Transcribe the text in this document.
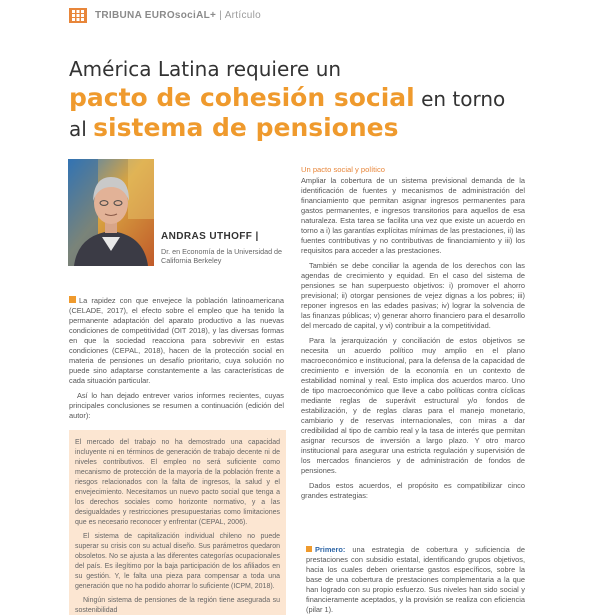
TRIBUNA EUROsociAL+ | Artículo
América Latina requiere un
pacto de cohesión social en torno
al sistema de pensiones
ANDRAS UTHOFF |
Dr. en Economía de la Universidad de California Berkeley

La rapidez con que envejece la población latinoamericana (CELADE, 2017), el efecto sobre el empleo que ha tenido la permanente adaptación del aparato productivo a las nuevas condiciones de competitividad (OIT 2018), y las diversas formas en que la sociedad reacciona para sobrevivir en estas condiciones (CEPAL, 2018), hacen de la protección social en materia de pensiones un desafío prioritario, cuya solución no puede sino adaptarse constantemente a las características de cada situación particular.

Así lo han dejado entrever varios informes recientes, cuyas principales conclusiones se resumen a continuación (edición del autor):

El mercado del trabajo no ha demostrado una capacidad incluyente ni en términos de generación de trabajo decente ni de niveles contributivos. El empleo no será suficiente como mecanismo de protección de la mayoría de la población frente a riesgos relacionados con la falta de ingresos, la salud y el envejecimiento. Necesitamos un nuevo pacto social que tenga a los derechos sociales como horizonte normativo, y a las desigualdades y restricciones presupuestarias como limitaciones que es necesario reconocer y enfrentar (CEPAL, 2006).

El sistema de capitalización individual chileno no puede superar su crisis con su actual diseño. Sus parámetros quedaron obsoletos. No se ajusta a las diferentes categorías ocupacionales del país. Es ilegítimo por la baja participación de los afiliados en su gestión. Y, le falta una pieza para compensar a toda una generación que no ha podido ahorrar lo suficiente (ICPM, 2018).

Ningún sistema de pensiones de la región tiene asegurada su sostenibilidad

Un pacto social y político

Ampliar la cobertura de un sistema previsional demanda de la identificación de fuentes y mecanismos de administración del financiamiento que permitan asignar ingresos permanentes para gastos permanentes, e ingresos transitorios para aquellos de esa naturaleza. Esta tarea se facilita una vez que existe un acuerdo en torno a i) las garantías explícitas mínimas de las prestaciones, ii) las fuentes contributivas y no contributivas de financiamiento y iii) los requisitos para acceder a las prestaciones.

También se debe conciliar la agenda de los derechos con las agendas de crecimiento y equidad. En el caso del sistema de pensiones se han superpuesto objetivos: i) promover el ahorro previsional; ii) otorgar pensiones de vejez dignas a los pobres; iii) reponer ingresos en las edades pasivas; iv) lograr la solvencia de las finanzas públicas; v) generar ahorro financiero para el desarrollo del mercado de capital, y vi) contribuir a la competitividad.

Para la jerarquización y conciliación de estos objetivos se necesita un acuerdo político muy amplio en el plano macroeconómico e institucional, para la defensa de la capacidad de crecimiento e inversión de la economía en un contexto de estabilidad nominal y real. Esto implica dos acuerdos marco. Uno de tipo macroeconómico que lleve a cabo políticas contra cíclicas mediante reglas de superávit estructural y/o fondos de estabilización, y de reglas claras para el manejo monetario, cambiario y de reservas internacionales, con miras a dar credibilidad al tipo de cambio real y la tasa de interés que permitan asignar recursos de inversión a largo plazo. Y otro marco institucional para asegurar una estricta regulación y supervisión de los mercados financieros y de administración de fondos de pensiones.

Dados estos acuerdos, el propósito es compatibilizar cinco grandes estrategias:

Primero: una estrategia de cobertura y suficiencia de prestaciones con subsidio estatal, identificando grupos objetivos, hacia los cuales deben orientarse gastos específicos, sobre la base de una cobertura de prestaciones complementaria a la que han logrado con su propio esfuerzo. Sus niveles han sido social y financieramente aceptados, y la provisión se realiza con eficiencia (pilar 1).
